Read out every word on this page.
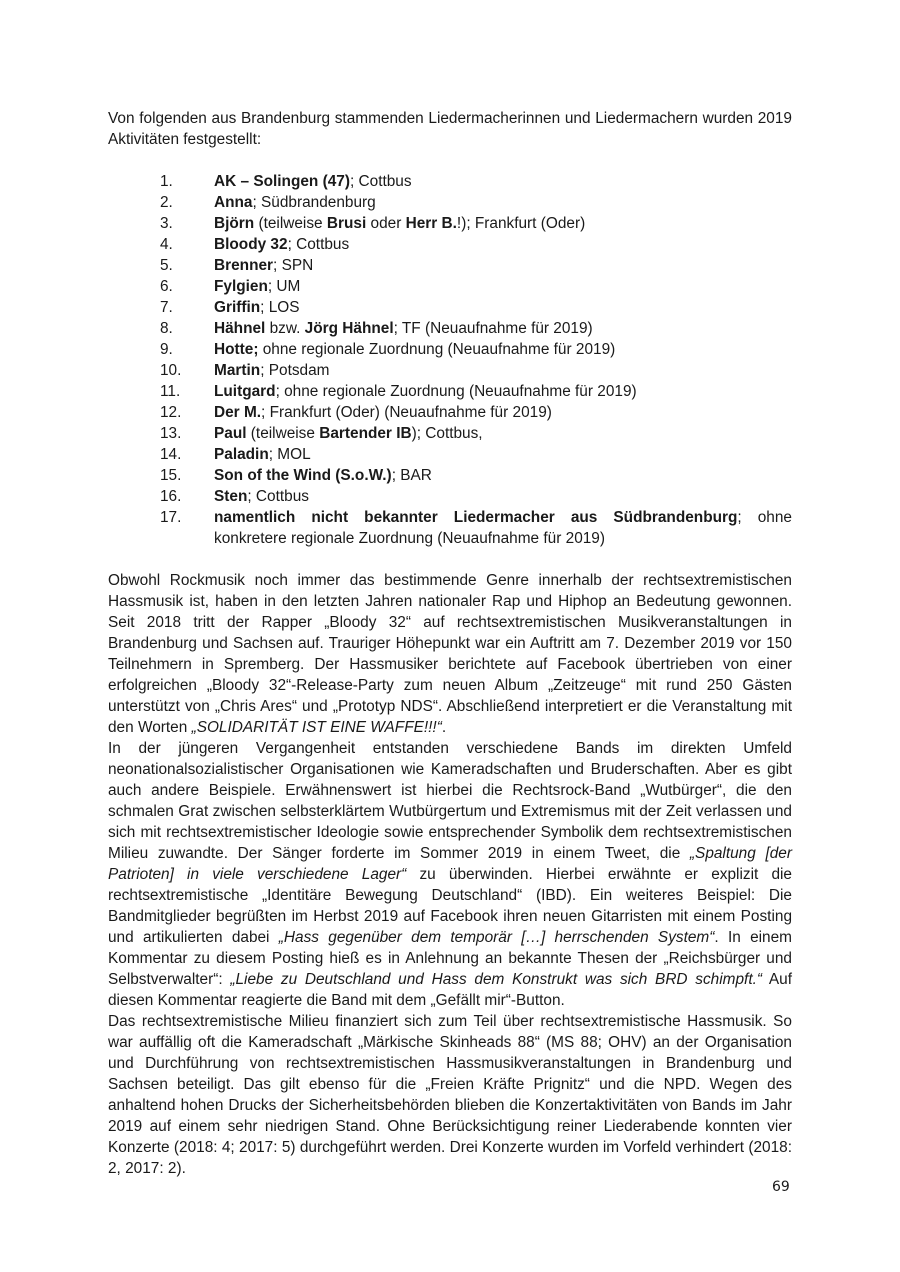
Von folgenden aus Brandenburg stammenden Liedermacherinnen und Liedermachern wurden 2019 Aktivitäten festgestellt:

1.	AK – Solingen (47); Cottbus
2.	Anna; Südbrandenburg
3.	Björn (teilweise Brusi oder Herr B.!); Frankfurt (Oder)
4.	Bloody 32; Cottbus
5.	Brenner; SPN
6.	Fylgien; UM
7.	Griffin; LOS
8.	Hähnel bzw. Jörg Hähnel; TF (Neuaufnahme für 2019)
9.	Hotte; ohne regionale Zuordnung (Neuaufnahme für 2019)
10.	Martin; Potsdam
11.	Luitgard; ohne regionale Zuordnung (Neuaufnahme für 2019)
12.	Der M.; Frankfurt (Oder) (Neuaufnahme für 2019)
13.	Paul (teilweise Bartender IB); Cottbus,
14.	Paladin; MOL
15.	Son of the Wind (S.o.W.); BAR
16.	Sten; Cottbus
17.	namentlich nicht bekannter Liedermacher aus Südbrandenburg; ohne konkretere regionale Zuordnung (Neuaufnahme für 2019)

Obwohl Rockmusik noch immer das bestimmende Genre innerhalb der rechtsextremistischen Hassmusik ist, haben in den letzten Jahren nationaler Rap und Hiphop an Bedeutung gewonnen. Seit 2018 tritt der Rapper „Bloody 32“ auf rechtsextremistischen Musikveranstaltungen in Brandenburg und Sachsen auf. Trauriger Höhepunkt war ein Auftritt am 7. Dezember 2019 vor 150 Teilnehmern in Spremberg. Der Hassmusiker berichtete auf Facebook übertrieben von einer erfolgreichen „Bloody 32“-Release-Party zum neuen Album „Zeitzeuge“ mit rund 250 Gästen unterstützt von „Chris Ares“ und „Prototyp NDS“. Abschließend interpretiert er die Veranstaltung mit den Worten „SOLIDARITÄT IST EINE WAFFE!!!“.

In der jüngeren Vergangenheit entstanden verschiedene Bands im direkten Umfeld neonationalsozialistischer Organisationen wie Kameradschaften und Bruderschaften. Aber es gibt auch andere Beispiele. Erwähnenswert ist hierbei die Rechtsrock-Band „Wutbürger“, die den schmalen Grat zwischen selbsterklärtem Wutbürgertum und Extremismus mit der Zeit verlassen und sich mit rechtsextremistischer Ideologie sowie entsprechender Symbolik dem rechtsextremistischen Milieu zuwandte. Der Sänger forderte im Sommer 2019 in einem Tweet, die „Spaltung [der Patrioten] in viele verschiedene Lager“ zu überwinden. Hierbei erwähnte er explizit die rechtsextremistische „Identitäre Bewegung Deutschland“ (IBD). Ein weiteres Beispiel: Die Bandmitglieder begrüßten im Herbst 2019 auf Facebook ihren neuen Gitarristen mit einem Posting und artikulierten dabei „Hass gegenüber dem temporär […] herrschenden System“. In einem Kommentar zu diesem Posting hieß es in Anlehnung an bekannte Thesen der „Reichsbürger und Selbstverwalter“: „Liebe zu Deutschland und Hass dem Konstrukt was sich BRD schimpft.“ Auf diesen Kommentar reagierte die Band mit dem „Gefällt mir“-Button.

Das rechtsextremistische Milieu finanziert sich zum Teil über rechtsextremistische Hassmusik. So war auffällig oft die Kameradschaft „Märkische Skinheads 88“ (MS 88; OHV) an der Organisation und Durchführung von rechtsextremistischen Hassmusikveranstaltungen in Brandenburg und Sachsen beteiligt. Das gilt ebenso für die „Freien Kräfte Prignitz“ und die NPD. Wegen des anhaltend hohen Drucks der Sicherheitsbehörden blieben die Konzertaktivitäten von Bands im Jahr 2019 auf einem sehr niedrigen Stand. Ohne Berücksichtigung reiner Liederabende konnten vier Konzerte (2018: 4; 2017: 5) durchgeführt werden. Drei Konzerte wurden im Vorfeld verhindert (2018: 2, 2017: 2).

69
